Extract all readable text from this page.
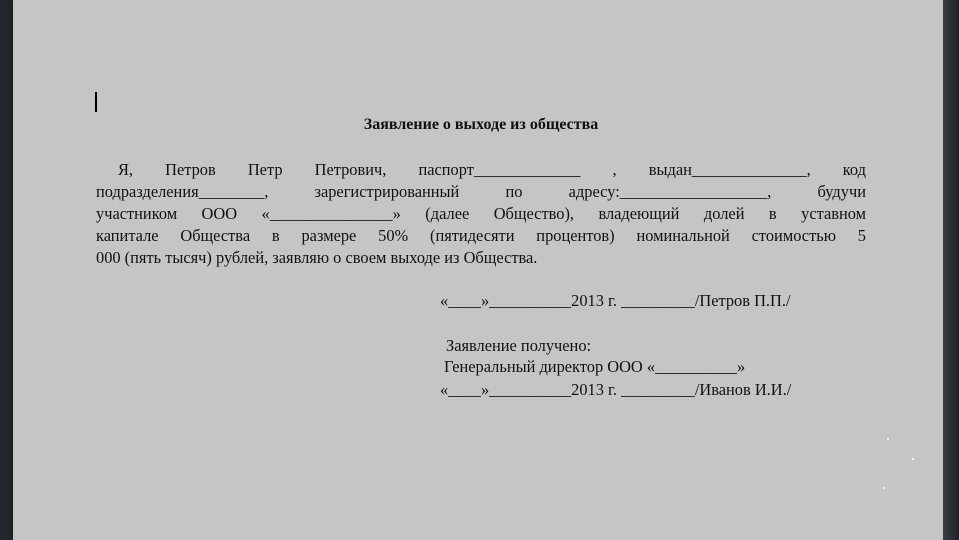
Заявление о выходе из общества
Я, Петров Петр Петрович, паспорт_____________ , выдан______________, код
подразделения________, зарегистрированный по адресу:__________________, будучи
участником ООО «_______________» (далее Общество), владеющий долей в уставном
капитале Общества в размере 50% (пятидесяти процентов) номинальной стоимостью 5
000 (пять тысяч) рублей, заявляю о своем выходе из Общества.
«____»__________2013 г. _________/Петров П.П./
Заявление получено:
Генеральный директор ООО «__________»
«____»__________2013 г. _________/Иванов И.И./
